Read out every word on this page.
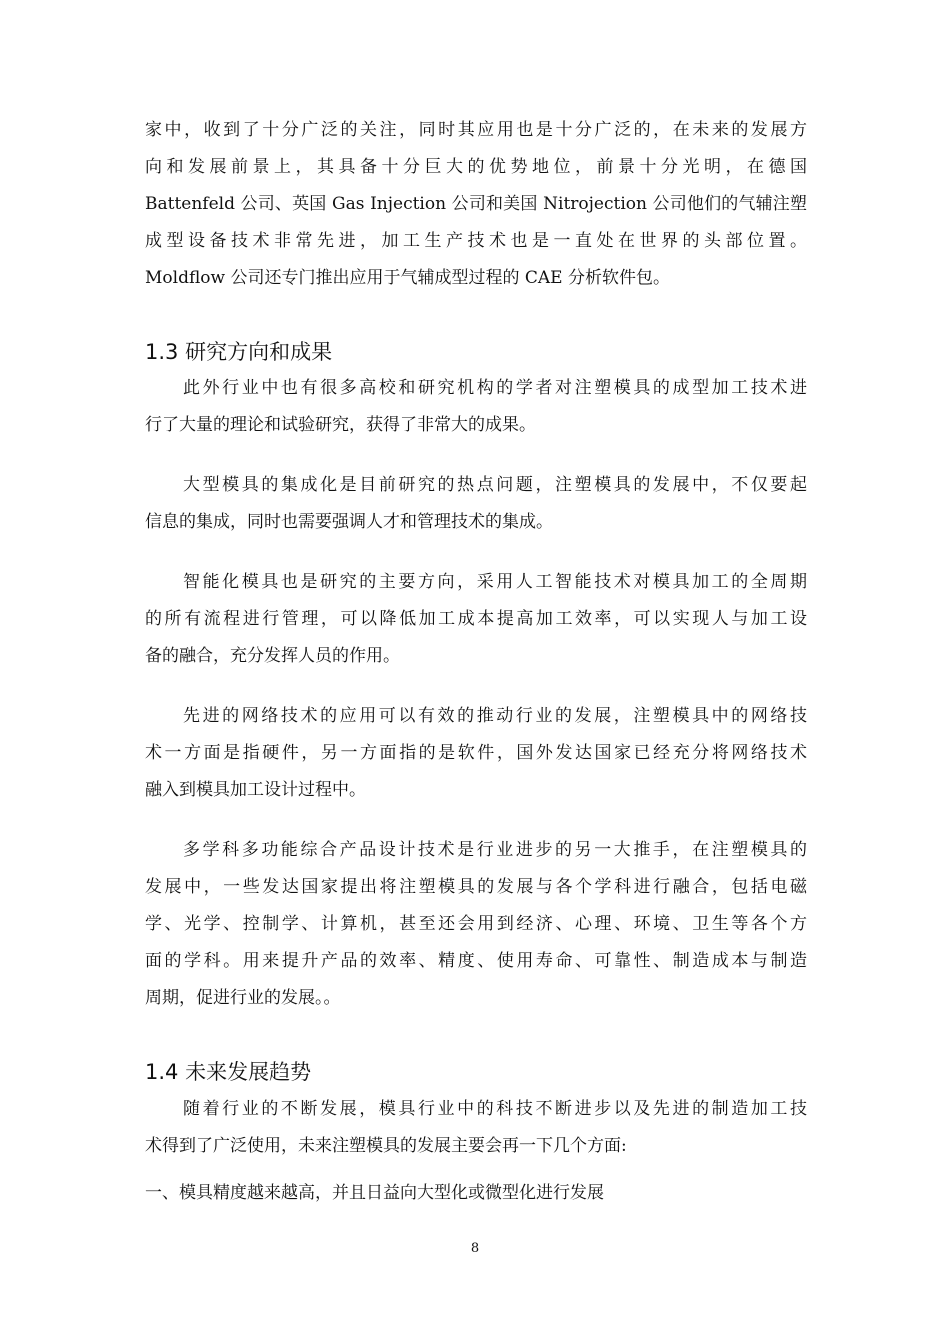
家中，收到了十分广泛的关注，同时其应用也是十分广泛的，在未来的发展方
向和发展前景上，其具备十分巨大的优势地位，前景十分光明，在德国
Battenfeld 公司、英国 Gas Injection 公司和美国 Nitrojection 公司他们的气辅注塑
成型设备技术非常先进，加工生产技术也是一直处在世界的头部位置。
Moldflow 公司还专门推出应用于气辅成型过程的 CAE 分析软件包。
1.3 研究方向和成果
此外行业中也有很多高校和研究机构的学者对注塑模具的成型加工技术进
行了大量的理论和试验研究，获得了非常大的成果。
大型模具的集成化是目前研究的热点问题，注塑模具的发展中，不仅要起
信息的集成，同时也需要强调人才和管理技术的集成。
智能化模具也是研究的主要方向，采用人工智能技术对模具加工的全周期
的所有流程进行管理，可以降低加工成本提高加工效率，可以实现人与加工设
备的融合，充分发挥人员的作用。
先进的网络技术的应用可以有效的推动行业的发展，注塑模具中的网络技
术一方面是指硬件，另一方面指的是软件，国外发达国家已经充分将网络技术
融入到模具加工设计过程中。
多学科多功能综合产品设计技术是行业进步的另一大推手，在注塑模具的
发展中，一些发达国家提出将注塑模具的发展与各个学科进行融合，包括电磁
学、光学、控制学、计算机，甚至还会用到经济、心理、环境、卫生等各个方
面的学科。用来提升产品的效率、精度、使用寿命、可靠性、制造成本与制造
周期，促进行业的发展。。
1.4 未来发展趋势
随着行业的不断发展，模具行业中的科技不断进步以及先进的制造加工技
术得到了广泛使用，未来注塑模具的发展主要会再一下几个方面:
一、模具精度越来越高，并且日益向大型化或微型化进行发展
8
